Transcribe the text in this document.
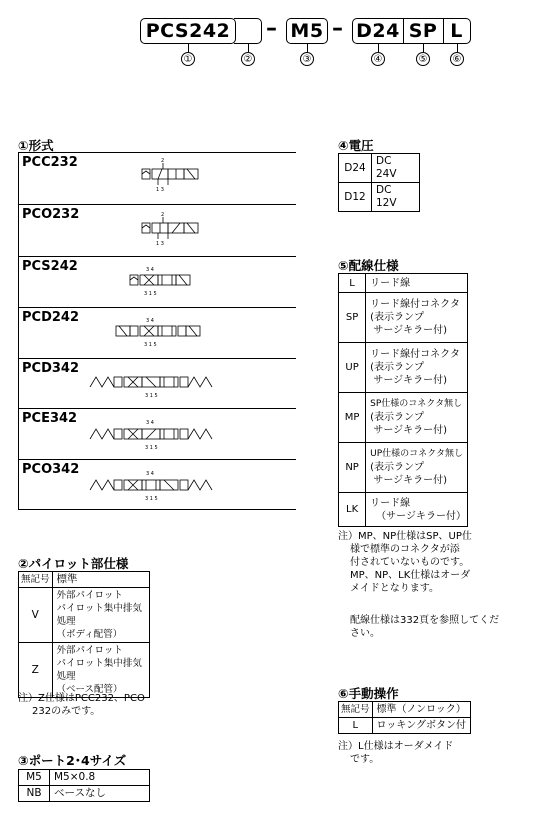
PCS242 – M5 – D24 SP L
①	②	③	④	⑤	⑥
①形式
PCC232	2
1 3
PCO232	2
1 3
PCS242	3 4
3 1 5
PCD242	3 4
3 1 5
PCD342
3 1 5
PCE342	3 4
3 1 5
PCO342	3 4
3 1 5
②パイロット部仕様
無記号	標準
V	外部パイロット
パイロット集中排気処理
（ボディ配管）

Z	外部パイロット
パイロット集中排気処理
（ベース配管）
注）Z仕様はPCC232、PCO
232のみです。
③ポート2･4サイズ
M5	M5×0.8
NB	ベースなし
④電圧
D24	DC 24V
D12	DC 12V
⑤配線仕様
L	リード線
SP	リード線付コネクタ
(表示ランプ
サージキラー付)

UP	リード線付コネクタ
(表示ランプ
サージキラー付)

MP	SP仕様のコネクタ無し
(表示ランプ
サージキラー付)

NP	UP仕様のコネクタ無し
(表示ランプ
サージキラー付)

LK	リード線
（サージキラー付）
注）MP、NP仕様はSP、UP仕
様で標準のコネクタが添
付されていないものです。
MP、NP、LK仕様はオーダ
メイドとなります。
配線仕様は332頁を参照してくだ
さい。
⑥手動操作
無記号	標準（ノンロック）
L	ロッキングボタン付
注）L仕様はオーダメイド
です。
